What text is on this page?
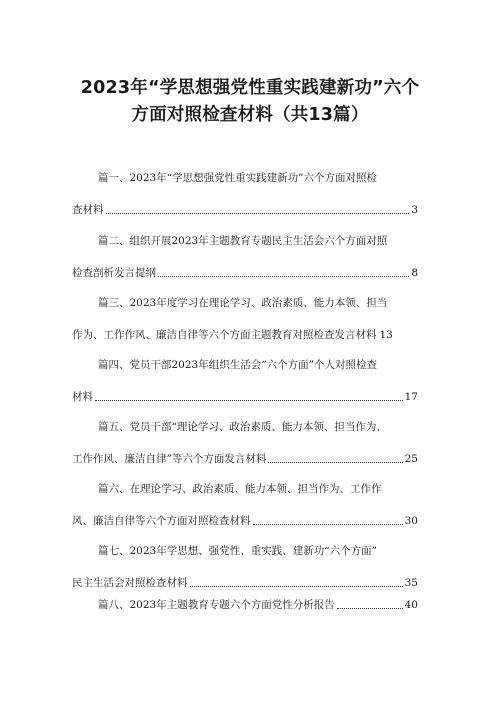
2023年“学思想强党性重实践建新功”六个
方面对照检查材料（共13篇）
篇一、2023年“学思想强党性重实践建新功”六个方面对照检
查材料	3
篇二、组织开展2023年主题教育专题民主生活会六个方面对照
检查剖析发言提纲	8
篇三、2023年度学习在理论学习、政治素质、能力本领、担当
作为、工作作风、廉洁自律等六个方面主题教育对照检查发言材料 13
篇四、党员干部2023年组织生活会“六个方面”个人对照检查
材料	17
篇五、党员干部“理论学习、政治素质、能力本领、担当作为、
工作作风、廉洁自律”等六个方面发言材料	25
篇六、在理论学习、政治素质、能力本领、担当作为、工作作
风、廉洁自律等六个方面对照检查材料	30
篇七、2023年学思想、强党性、重实践、建新功“六个方面”
民主生活会对照检查材料	35
篇八、2023年主题教育专题六个方面党性分析报告	40
